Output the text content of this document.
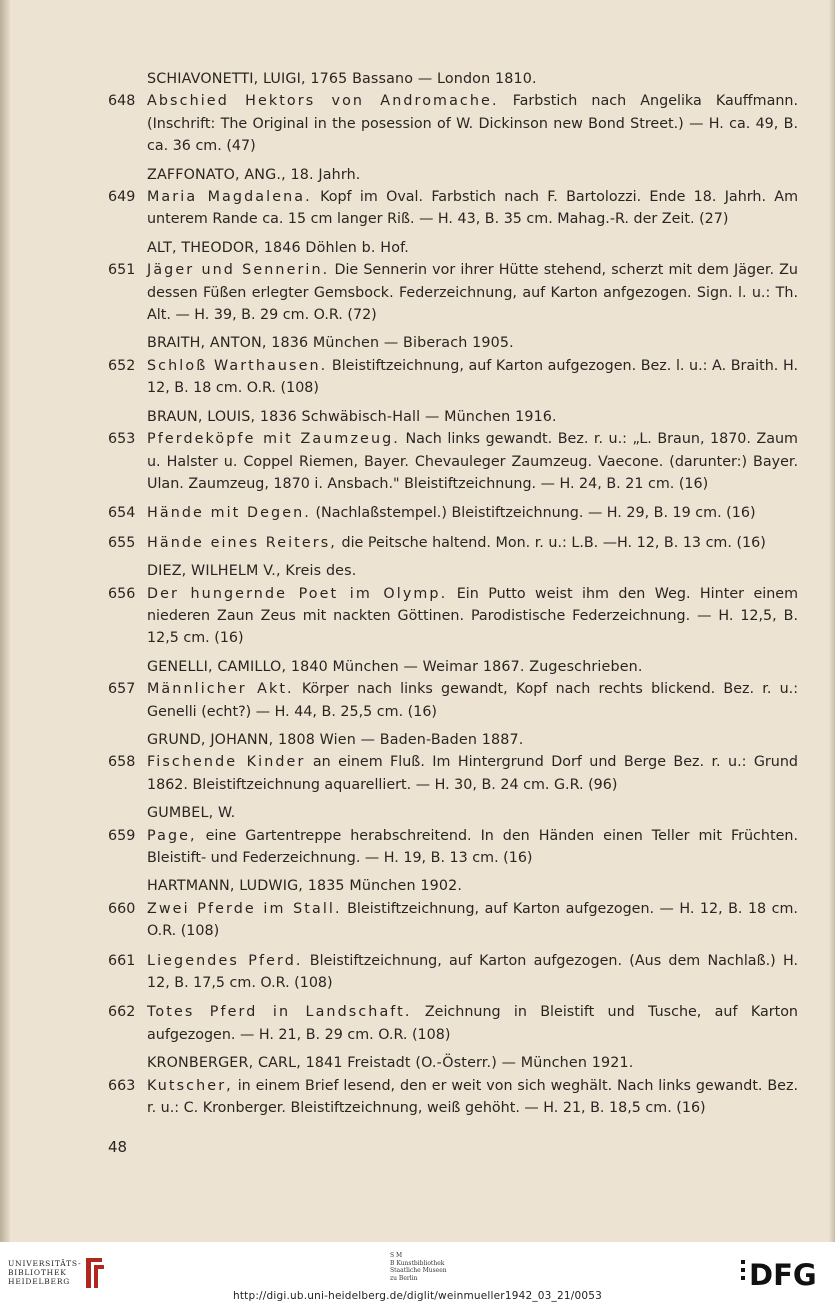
SCHIAVONETTI, LUIGI, 1765 Bassano — London 1810.
648 Abschied Hektors von Andromache. Farbstich nach Angelika Kauffmann. (Inschrift: The Original in the posession of W. Dickinson new Bond Street.) — H. ca. 49, B. ca. 36 cm. (47)
ZAFFONATO, ANG., 18. Jahrh.
649 Maria Magdalena. Kopf im Oval. Farbstich nach F. Bartolozzi. Ende 18. Jahrh. Am unterem Rande ca. 15 cm langer Riß. — H. 43, B. 35 cm. Mahag.-R. der Zeit. (27)
ALT, THEODOR, 1846 Döhlen b. Hof.
651 Jäger und Sennerin. Die Sennerin vor ihrer Hütte stehend, scherzt mit dem Jäger. Zu dessen Füßen erlegter Gemsbock. Federzeichnung, auf Karton anfgezogen. Sign. l. u.: Th. Alt. — H. 39, B. 29 cm. O.R. (72)
BRAITH, ANTON, 1836 München — Biberach 1905.
652 Schloß Warthausen. Bleistiftzeichnung, auf Karton aufgezogen. Bez. l. u.: A. Braith. H. 12, B. 18 cm. O.R. (108)
BRAUN, LOUIS, 1836 Schwäbisch-Hall — München 1916.
653 Pferdeköpfe mit Zaumzeug. Nach links gewandt. Bez. r. u.: „L. Braun, 1870. Zaum u. Halster u. Coppel Riemen, Bayer. Chevauleger Zaumzeug. Vaecone. (darunter:) Bayer. Ulan. Zaumzeug, 1870 i. Ansbach." Bleistiftzeichnung. — H. 24, B. 21 cm. (16)
654 Hände mit Degen. (Nachlaßstempel.) Bleistiftzeichnung. — H. 29, B. 19 cm. (16)
655 Hände eines Reiters, die Peitsche haltend. Mon. r. u.: L.B. —H. 12, B. 13 cm. (16)
DIEZ, WILHELM V., Kreis des.
656 Der hungernde Poet im Olymp. Ein Putto weist ihm den Weg. Hinter einem niederen Zaun Zeus mit nackten Göttinen. Parodistische Federzeichnung. — H. 12,5, B. 12,5 cm. (16)
GENELLI, CAMILLO, 1840 München — Weimar 1867. Zugeschrieben.
657 Männlicher Akt. Körper nach links gewandt, Kopf nach rechts blickend. Bez. r. u.: Genelli (echt?) — H. 44, B. 25,5 cm. (16)
GRUND, JOHANN, 1808 Wien — Baden-Baden 1887.
658 Fischende Kinder an einem Fluß. Im Hintergrund Dorf und Berge Bez. r. u.: Grund 1862. Bleistiftzeichnung aquarelliert. — H. 30, B. 24 cm. G.R. (96)
GUMBEL, W.
659 Page, eine Gartentreppe herabschreitend. In den Händen einen Teller mit Früchten. Bleistift- und Federzeichnung. — H. 19, B. 13 cm. (16)
HARTMANN, LUDWIG, 1835 München 1902.
660 Zwei Pferde im Stall. Bleistiftzeichnung, auf Karton aufgezogen. — H. 12, B. 18 cm. O.R. (108)
661 Liegendes Pferd. Bleistiftzeichnung, auf Karton aufgezogen. (Aus dem Nachlaß.) H. 12, B. 17,5 cm. O.R. (108)
662 Totes Pferd in Landschaft. Zeichnung in Bleistift und Tusche, auf Karton aufgezogen. — H. 21, B. 29 cm. O.R. (108)
KRONBERGER, CARL, 1841 Freistadt (O.-Österr.) — München 1921.
663 Kutscher, in einem Brief lesend, den er weit von sich weghält. Nach links gewandt. Bez. r. u.: C. Kronberger. Bleistiftzeichnung, weiß gehöht. — H. 21, B. 18,5 cm. (16)
48
UNIVERSITÄTS-
BIBLIOTHEK
HEIDELBERG
S M
B Kunstbibliothek
Staatliche Museen
zu Berlin	DFG
http://digi.ub.uni-heidelberg.de/diglit/weinmueller1942_03_21/0053
